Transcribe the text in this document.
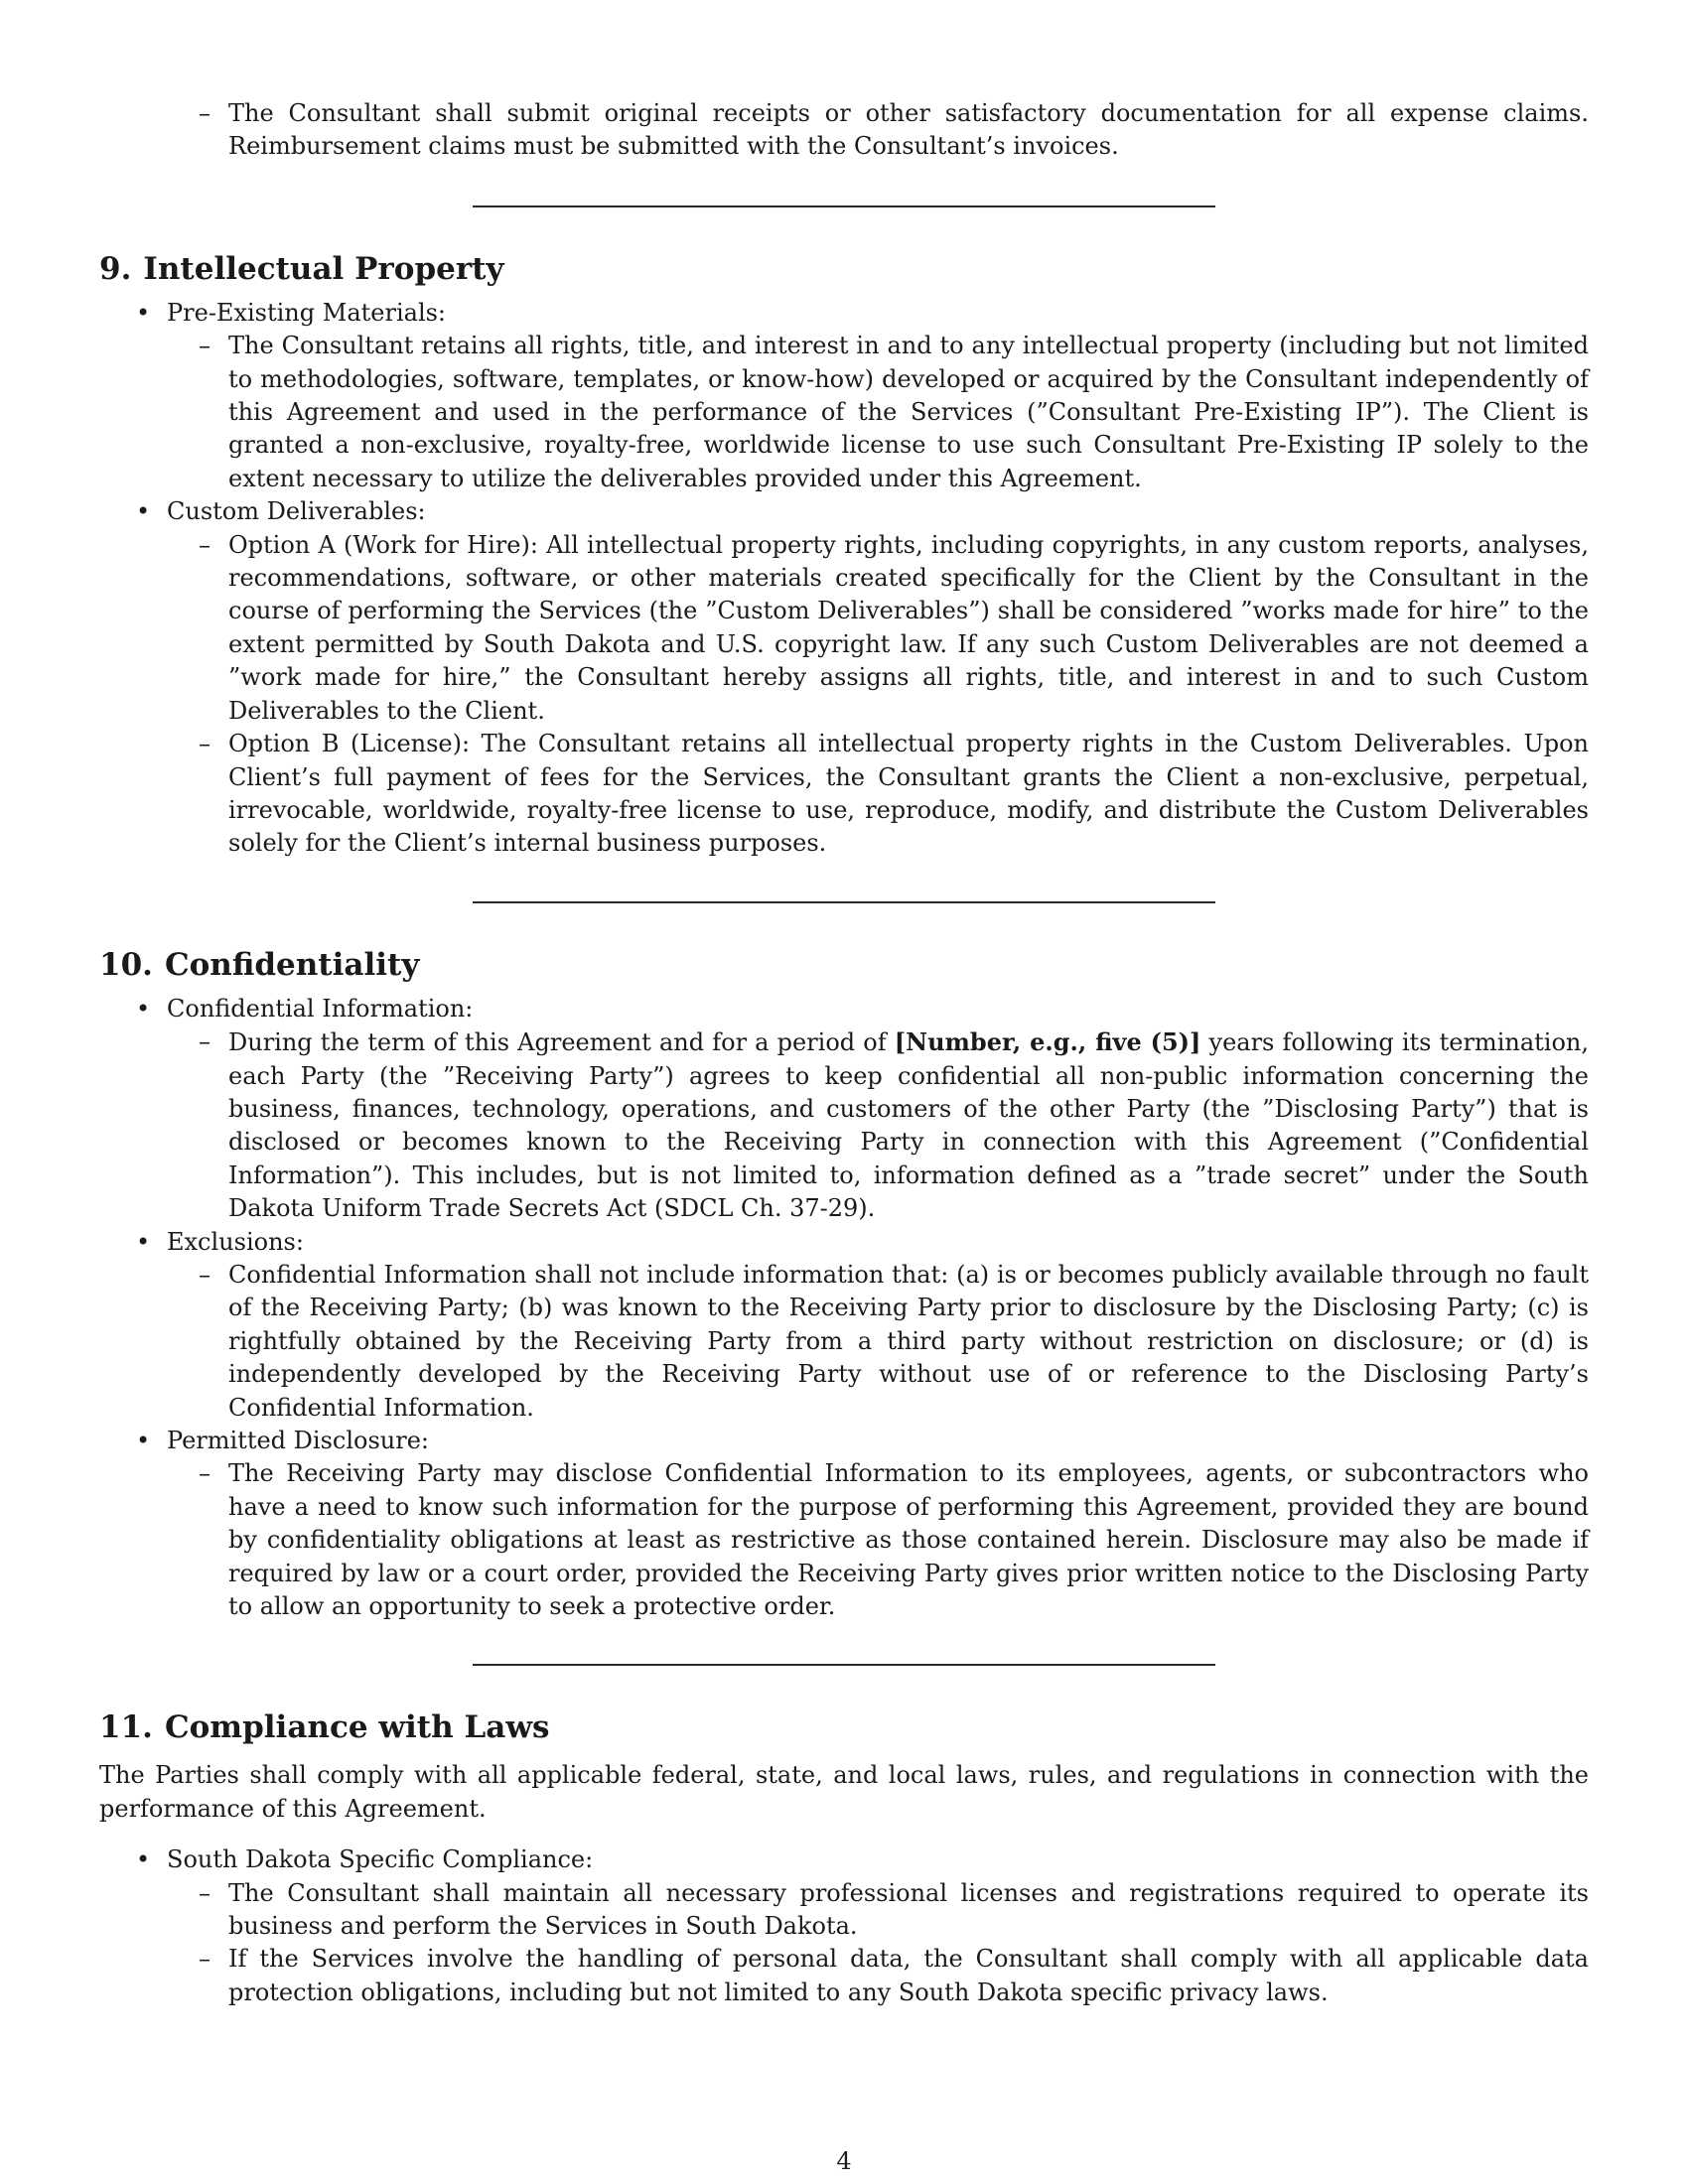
– The Consultant shall submit original receipts or other satisfactory documentation for all expense claims. Reimbursement claims must be submitted with the Consultant’s invoices.
9. Intellectual Property
• Pre-Existing Materials:
– The Consultant retains all rights, title, and interest in and to any intellectual property (including but not limited to methodologies, software, templates, or know-how) developed or acquired by the Consultant independently of this Agreement and used in the performance of the Services (”Consultant Pre-Existing IP”). The Client is granted a non-exclusive, royalty-free, worldwide license to use such Consultant Pre-Existing IP solely to the extent necessary to utilize the deliverables provided under this Agreement.
• Custom Deliverables:
– Option A (Work for Hire): All intellectual property rights, including copyrights, in any custom reports, analyses, recommendations, software, or other materials created specifically for the Client by the Consultant in the course of performing the Services (the ”Custom Deliverables”) shall be considered ”works made for hire” to the extent permitted by South Dakota and U.S. copyright law. If any such Custom Deliverables are not deemed a ”work made for hire,” the Consultant hereby assigns all rights, title, and interest in and to such Custom Deliverables to the Client.
– Option B (License): The Consultant retains all intellectual property rights in the Custom Deliverables. Upon Client’s full payment of fees for the Services, the Consultant grants the Client a non-exclusive, perpetual, irrevocable, worldwide, royalty-free license to use, reproduce, modify, and distribute the Custom Deliverables solely for the Client’s internal business purposes.
10. Confidentiality
• Confidential Information:
– During the term of this Agreement and for a period of [Number, e.g., five (5)] years following its termination, each Party (the ”Receiving Party”) agrees to keep confidential all non-public information concerning the business, finances, technology, operations, and customers of the other Party (the ”Disclosing Party”) that is disclosed or becomes known to the Receiving Party in connection with this Agreement (”Confidential Information”). This includes, but is not limited to, information defined as a ”trade secret” under the South Dakota Uniform Trade Secrets Act (SDCL Ch. 37-29).
• Exclusions:
– Confidential Information shall not include information that: (a) is or becomes publicly available through no fault of the Receiving Party; (b) was known to the Receiving Party prior to disclosure by the Disclosing Party; (c) is rightfully obtained by the Receiving Party from a third party without restriction on disclosure; or (d) is independently developed by the Receiving Party without use of or reference to the Disclosing Party’s Confidential Information.
• Permitted Disclosure:
– The Receiving Party may disclose Confidential Information to its employees, agents, or subcontractors who have a need to know such information for the purpose of performing this Agreement, provided they are bound by confidentiality obligations at least as restrictive as those contained herein. Disclosure may also be made if required by law or a court order, provided the Receiving Party gives prior written notice to the Disclosing Party to allow an opportunity to seek a protective order.
11. Compliance with Laws
The Parties shall comply with all applicable federal, state, and local laws, rules, and regulations in connection with the performance of this Agreement.
• South Dakota Specific Compliance:
– The Consultant shall maintain all necessary professional licenses and registrations required to operate its business and perform the Services in South Dakota.
– If the Services involve the handling of personal data, the Consultant shall comply with all applicable data protection obligations, including but not limited to any South Dakota specific privacy laws.
4
